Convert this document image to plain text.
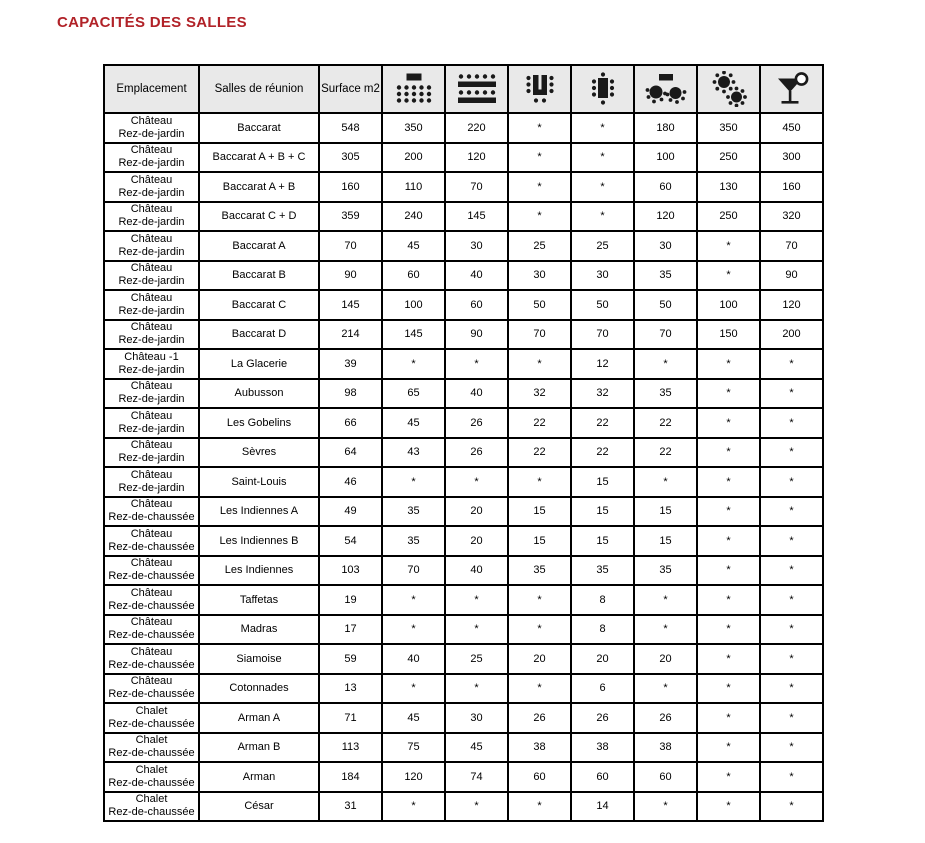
CAPACITÉS DES SALLES
Emplacement	Salles de réunion	Surface m2	

Château
Rez-de-jardin	Baccarat	548	350	220	*	*	180	350	450

Château
Rez-de-jardin	Baccarat A + B + C	305	200	120	*	*	100	250	300

Château
Rez-de-jardin	Baccarat A + B	160	110	70	*	*	60	130	160

Château
Rez-de-jardin	Baccarat C + D	359	240	145	*	*	120	250	320

Château
Rez-de-jardin	Baccarat A	70	45	30	25	25	30	*	70

Château
Rez-de-jardin	Baccarat B	90	60	40	30	30	35	*	90

Château
Rez-de-jardin	Baccarat C	145	100	60	50	50	50	100	120

Château
Rez-de-jardin	Baccarat D	214	145	90	70	70	70	150	200

Château -1
Rez-de-jardin	La Glacerie	39	*	*	*	12	*	*	*

Château
Rez-de-jardin	Aubusson	98	65	40	32	32	35	*	*

Château
Rez-de-jardin	Les Gobelins	66	45	26	22	22	22	*	*

Château
Rez-de-jardin	Sèvres	64	43	26	22	22	22	*	*

Château
Rez-de-jardin	Saint-Louis	46	*	*	*	15	*	*	*

Château
Rez-de-chaussée	Les Indiennes A	49	35	20	15	15	15	*	*

Château
Rez-de-chaussée	Les Indiennes B	54	35	20	15	15	15	*	*

Château
Rez-de-chaussée	Les Indiennes	103	70	40	35	35	35	*	*

Château
Rez-de-chaussée	Taffetas	19	*	*	*	8	*	*	*

Château
Rez-de-chaussée	Madras	17	*	*	*	8	*	*	*

Château
Rez-de-chaussée	Siamoise	59	40	25	20	20	20	*	*

Château
Rez-de-chaussée	Cotonnades	13	*	*	*	6	*	*	*

Chalet
Rez-de-chaussée	Arman A	71	45	30	26	26	26	*	*

Chalet
Rez-de-chaussée	Arman B	113	75	45	38	38	38	*	*

Chalet
Rez-de-chaussée	Arman	184	120	74	60	60	60	*	*

Chalet
Rez-de-chaussée	César	31	*	*	*	14	*	*	*
